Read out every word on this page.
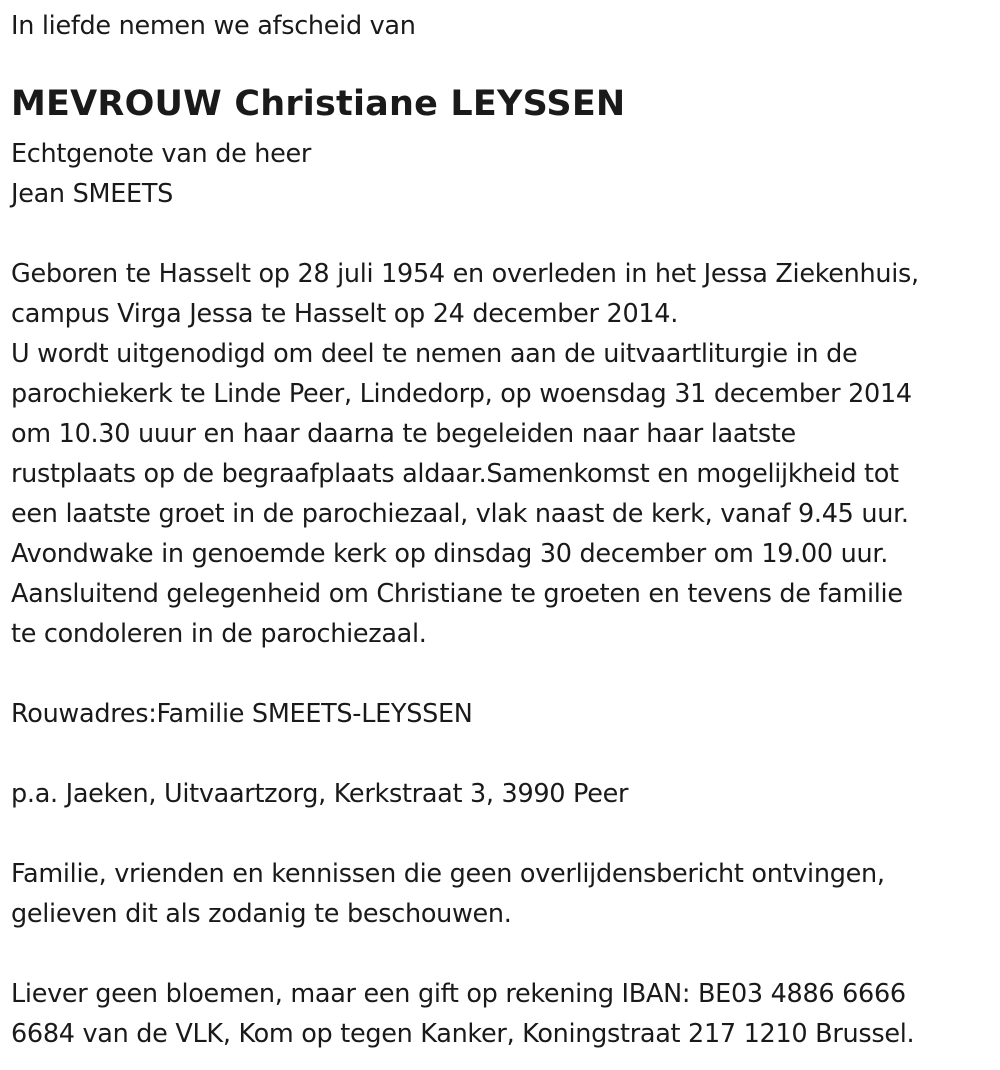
In liefde nemen we afscheid van
MEVROUW Christiane LEYSSEN
Echtgenote van de heer
Jean SMEETS
Geboren te Hasselt op 28 juli 1954 en overleden in het Jessa Ziekenhuis,
campus Virga Jessa te Hasselt op 24 december 2014.
U wordt uitgenodigd om deel te nemen aan de uitvaartliturgie in de
parochiekerk te Linde Peer, Lindedorp, op woensdag 31 december 2014
om 10.30 uuur en haar daarna te begeleiden naar haar laatste
rustplaats op de begraafplaats aldaar.Samenkomst en mogelijkheid tot
een laatste groet in de parochiezaal, vlak naast de kerk, vanaf 9.45 uur.
Avondwake in genoemde kerk op dinsdag 30 december om 19.00 uur.
Aansluitend gelegenheid om Christiane te groeten en tevens de familie
te condoleren in de parochiezaal.
Rouwadres:Familie SMEETS-LEYSSEN
p.a. Jaeken, Uitvaartzorg, Kerkstraat 3, 3990 Peer
Familie, vrienden en kennissen die geen overlijdensbericht ontvingen,
gelieven dit als zodanig te beschouwen.
Liever geen bloemen, maar een gift op rekening IBAN: BE03 4886 6666
6684 van de VLK, Kom op tegen Kanker, Koningstraat 217 1210 Brussel.
